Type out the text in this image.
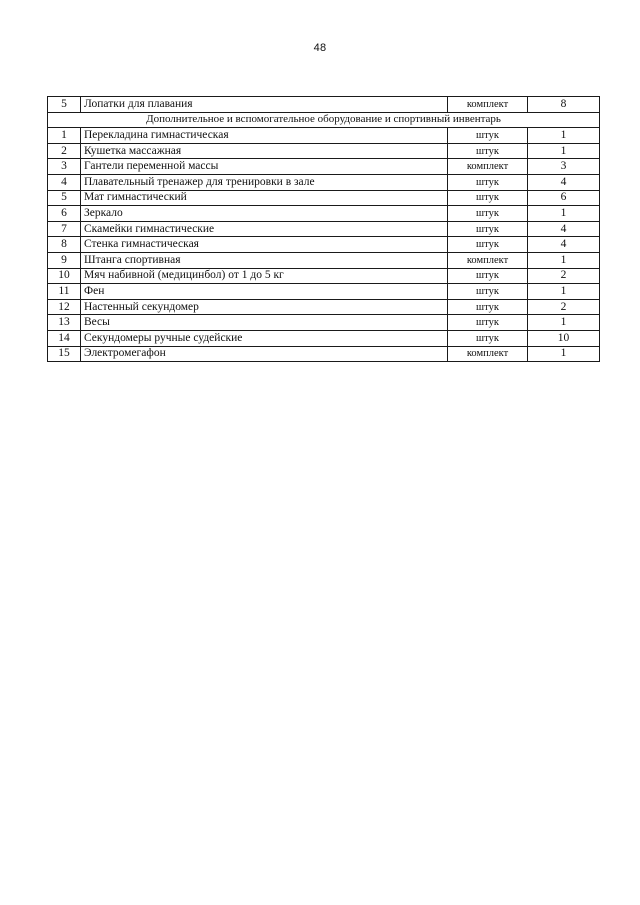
48
5	Лопатки для плавания	комплект	8
Дополнительное и вспомогательное оборудование и спортивный инвентарь			
1	Перекладина гимнастическая	штук	1
2	Кушетка массажная	штук	1
3	Гантели переменной массы	комплект	3
4	Плавательный тренажер для тренировки в зале	штук	4
5	Мат гимнастический	штук	6
6	Зеркало	штук	1
7	Скамейки гимнастические	штук	4
8	Стенка гимнастическая	штук	4
9	Штанга спортивная	комплект	1
10	Мяч набивной (медицинбол) от 1 до 5 кг	штук	2
11	Фен	штук	1
12	Настенный секундомер	штук	2
13	Весы	штук	1
14	Секундомеры ручные судейские	штук	10
15	Электромегафон	комплект	1
